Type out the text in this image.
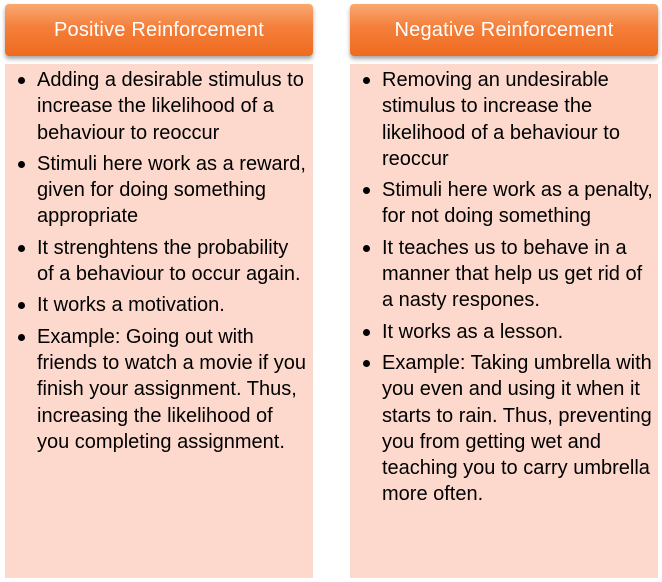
Positive Reinforcement
Adding a desirable stimulus to increase the likelihood of a behaviour to reoccur
Stimuli here work as a reward, given for doing something appropriate
It strenghtens the probability of a behaviour to occur again.
It works a motivation.
Example: Going out with friends to watch a movie if you finish your assignment. Thus, increasing the likelihood of you completing assignment.
Negative Reinforcement
Removing an undesirable stimulus to increase the likelihood of a behaviour to reoccur
Stimuli here work as a penalty, for not doing something
It teaches us to behave in a manner that help us get rid of a nasty respones.
It works as a lesson.
Example: Taking umbrella with you even and using it when it starts to rain. Thus, preventing you from getting wet and teaching you to carry umbrella more often.
